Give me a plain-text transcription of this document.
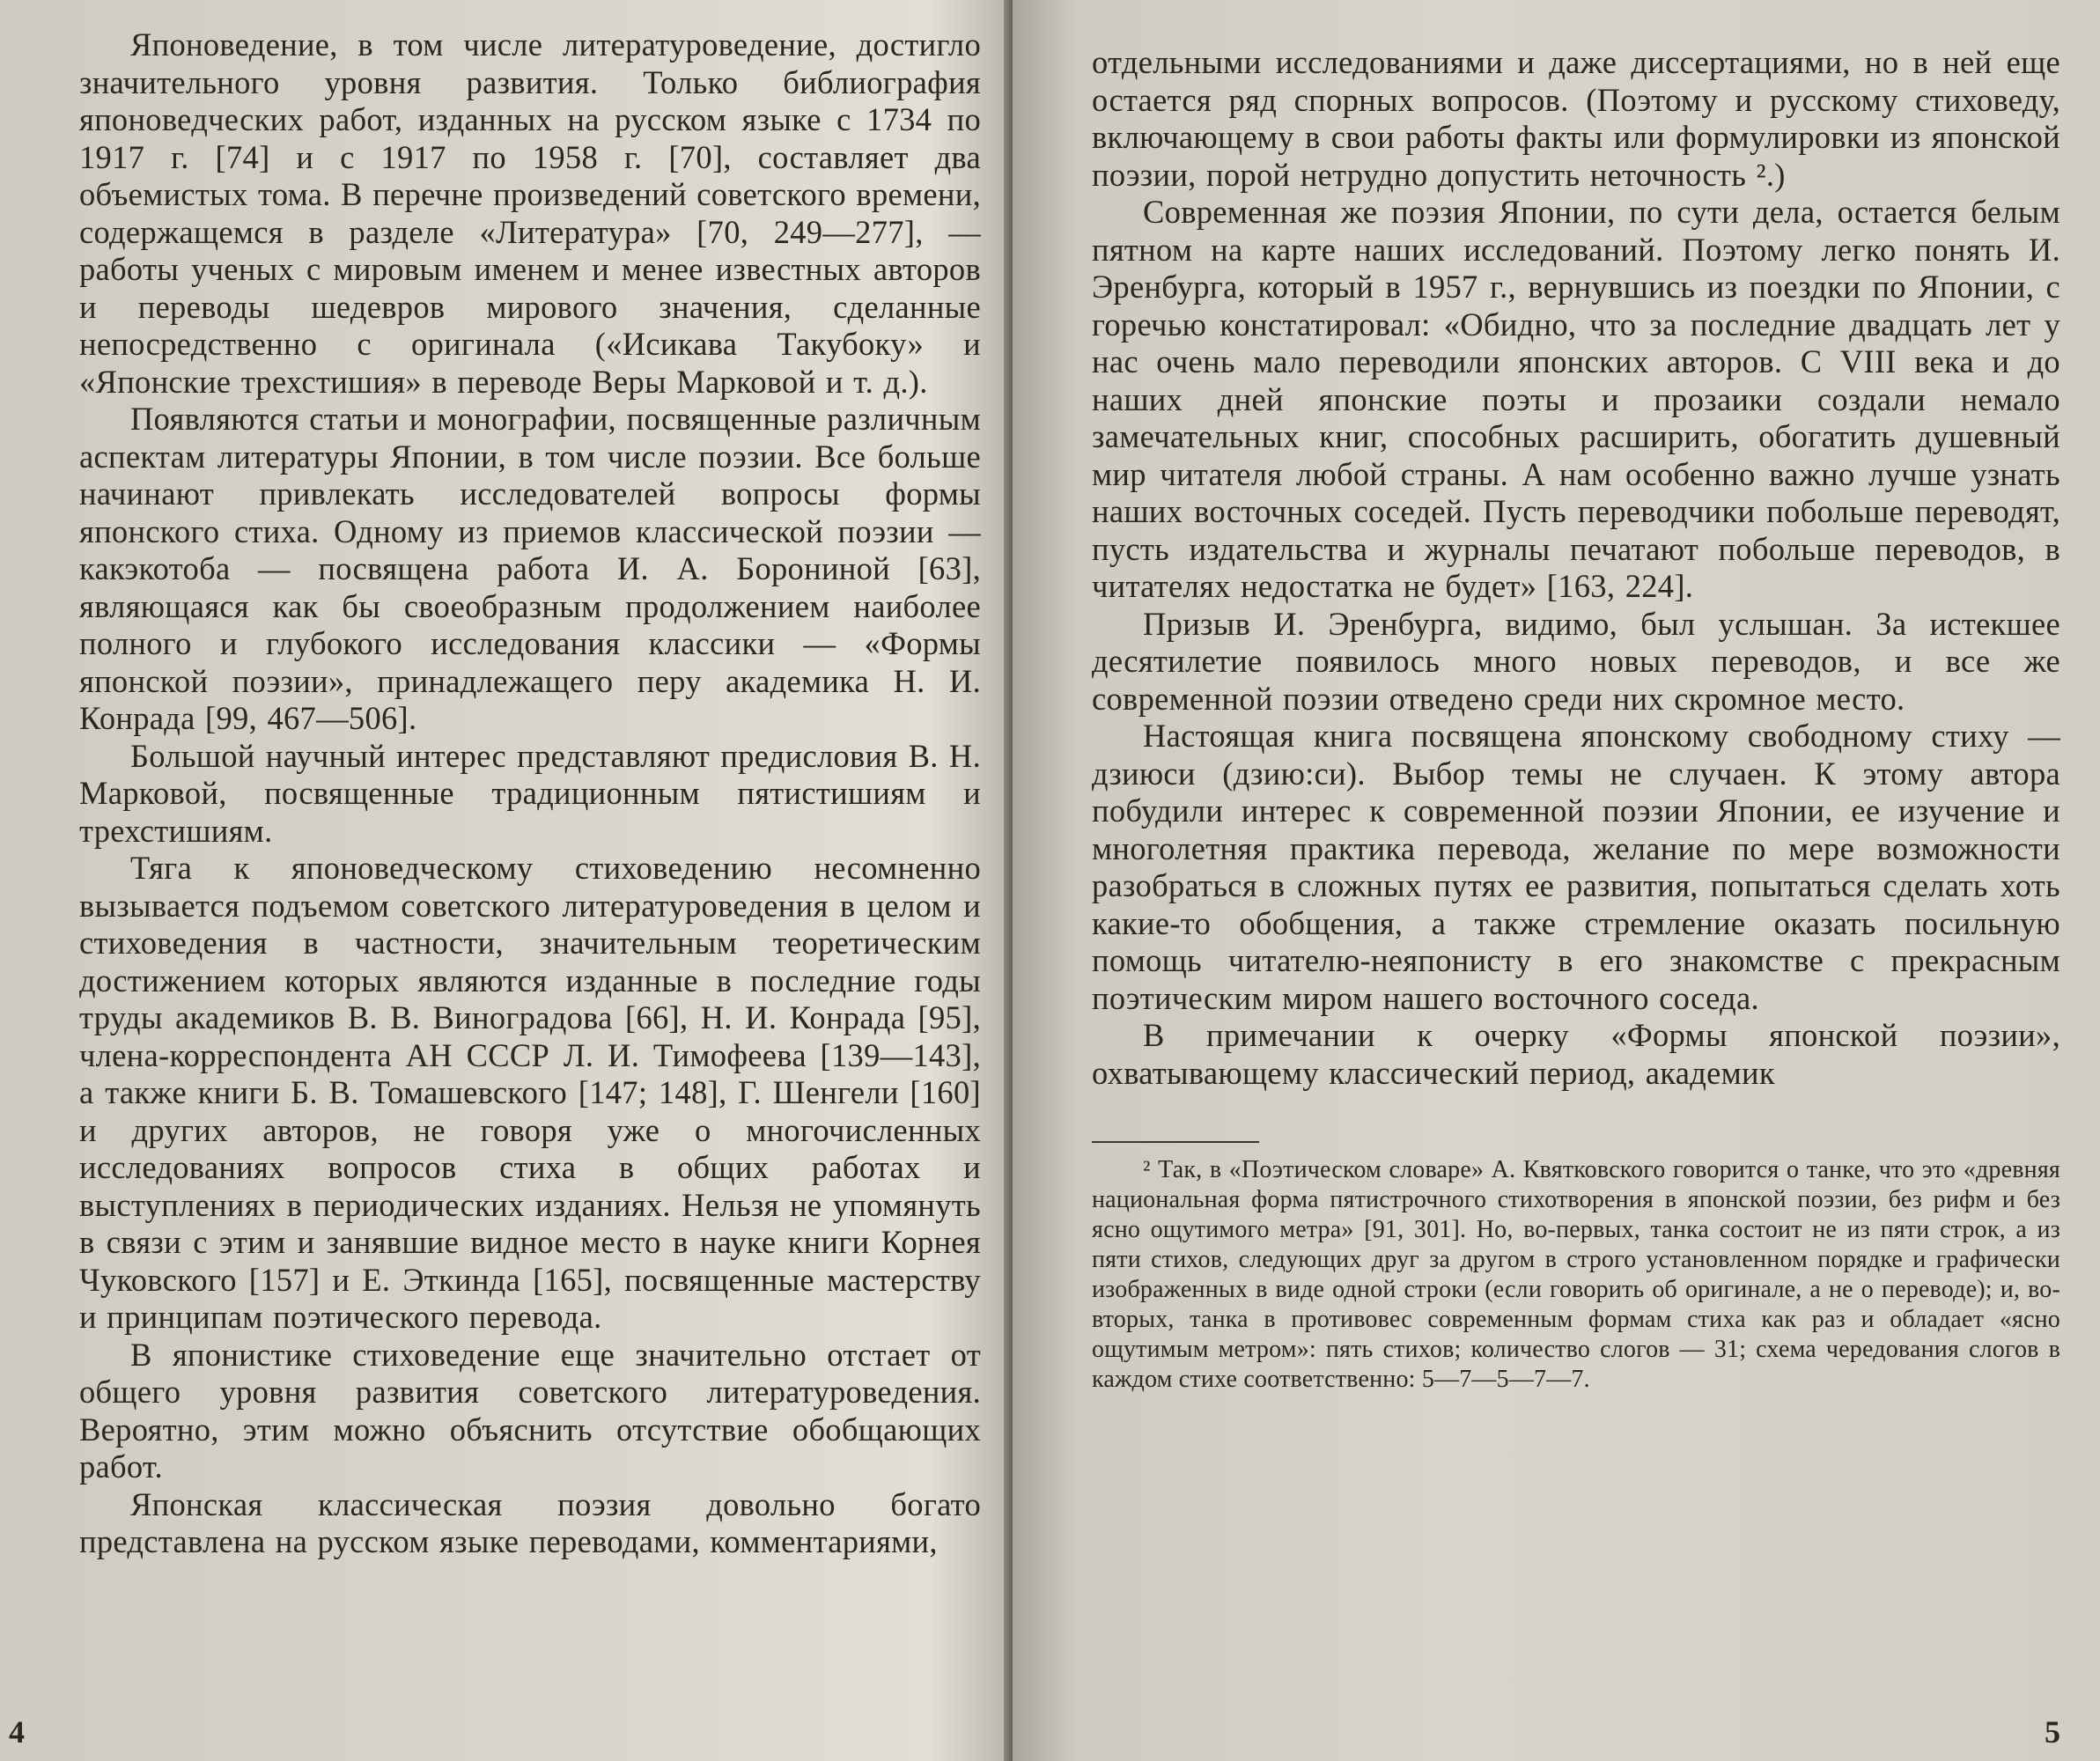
Японоведение, в том числе литературоведение, достигло значительного уровня развития. Только библиография японоведческих работ, изданных на русском языке с 1734 по 1917 г. [74] и с 1917 по 1958 г. [70], составляет два объемистых тома. В перечне произведений советского времени, содержащемся в разделе «Литература» [70, 249—277], — работы ученых с мировым именем и менее известных авторов и переводы шедевров мирового значения, сделанные непосредственно с оригинала («Исикава Такубоку» и «Японские трехстишия» в переводе Веры Марковой и т. д.).

Появляются статьи и монографии, посвященные различным аспектам литературы Японии, в том числе поэзии. Все больше начинают привлекать исследователей вопросы формы японского стиха. Одному из приемов классической поэзии — какэкотоба — посвящена работа И. А. Борониной [63], являющаяся как бы своеобразным продолжением наиболее полного и глубокого исследования классики — «Формы японской поэзии», принадлежащего перу академика Н. И. Конрада [99, 467—506].

Большой научный интерес представляют предисловия В. Н. Марковой, посвященные традиционным пятистишиям и трехстишиям.

Тяга к японоведческому стиховедению несомненно вызывается подъемом советского литературоведения в целом и стиховедения в частности, значительным теоретическим достижением которых являются изданные в последние годы труды академиков В. В. Виноградова [66], Н. И. Конрада [95], члена-корреспондента АН СССР Л. И. Тимофеева [139—143], а также книги Б. В. Томашевского [147; 148], Г. Шенгели [160] и других авторов, не говоря уже о многочисленных исследованиях вопросов стиха в общих работах и выступлениях в периодических изданиях. Нельзя не упомянуть в связи с этим и занявшие видное место в науке книги Корнея Чуковского [157] и Е. Эткинда [165], посвященные мастерству и принципам поэтического перевода.

В японистике стиховедение еще значительно отстает от общего уровня развития советского литературоведения. Вероятно, этим можно объяснить отсутствие обобщающих работ.

Японская классическая поэзия довольно богато представлена на русском языке переводами, комментариями,

4

отдельными исследованиями и даже диссертациями, но в ней еще остается ряд спорных вопросов. (Поэтому и русскому стиховеду, включающему в свои работы факты или формулировки из японской поэзии, порой нетрудно допустить неточность ².)

Современная же поэзия Японии, по сути дела, остается белым пятном на карте наших исследований. Поэтому легко понять И. Эренбурга, который в 1957 г., вернувшись из поездки по Японии, с горечью констатировал: «Обидно, что за последние двадцать лет у нас очень мало переводили японских авторов. С VIII века и до наших дней японские поэты и прозаики создали немало замечательных книг, способных расширить, обогатить душевный мир читателя любой страны. А нам особенно важно лучше узнать наших восточных соседей. Пусть переводчики побольше переводят, пусть издательства и журналы печатают побольше переводов, в читателях недостатка не будет» [163, 224].

Призыв И. Эренбурга, видимо, был услышан. За истекшее десятилетие появилось много новых переводов, и все же современной поэзии отведено среди них скромное место.

Настоящая книга посвящена японскому свободному стиху — дзиюси (дзию:си). Выбор темы не случаен. К этому автора побудили интерес к современной поэзии Японии, ее изучение и многолетняя практика перевода, желание по мере возможности разобраться в сложных путях ее развития, попытаться сделать хоть какие-то обобщения, а также стремление оказать посильную помощь читателю-неяпонисту в его знакомстве с прекрасным поэтическим миром нашего восточного соседа.

В примечании к очерку «Формы японской поэзии», охватывающему классический период, академик

² Так, в «Поэтическом словаре» А. Квятковского говорится о танке, что это «древняя национальная форма пятистрочного стихотворения в японской поэзии, без рифм и без ясно ощутимого метра» [91, 301]. Но, во-первых, танка состоит не из пяти строк, а из пяти стихов, следующих друг за другом в строго установленном порядке и графически изображенных в виде одной строки (если говорить об оригинале, а не о переводе); и, во-вторых, танка в противовес современным формам стиха как раз и обладает «ясно ощутимым метром»: пять стихов; количество слогов — 31; схема чередования слогов в каждом стихе соответственно: 5—7—5—7—7.

5
